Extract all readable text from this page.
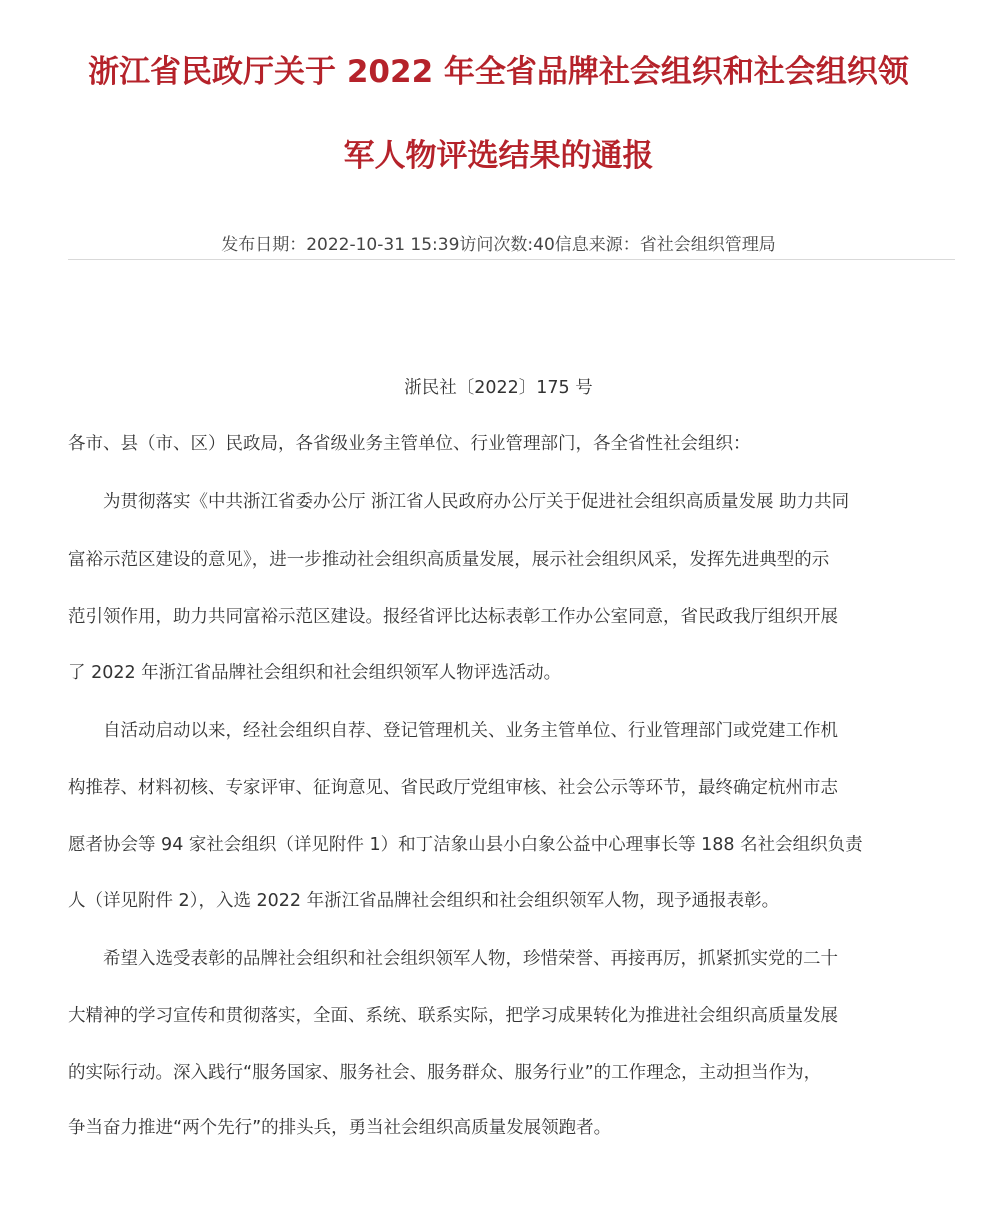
浙江省民政厅关于 2022 年全省品牌社会组织和社会组织领
军人物评选结果的通报
发布日期：2022-10-31 15:39访问次数:40信息来源：省社会组织管理局
浙民社〔2022〕175 号
各市、县（市、区）民政局，各省级业务主管单位、行业管理部门，各全省性社会组织：
为贯彻落实《中共浙江省委办公厅 浙江省人民政府办公厅关于促进社会组织高质量发展 助力共同
富裕示范区建设的意见》，进一步推动社会组织高质量发展，展示社会组织风采，发挥先进典型的示
范引领作用，助力共同富裕示范区建设。报经省评比达标表彰工作办公室同意，省民政我厅组织开展
了 2022 年浙江省品牌社会组织和社会组织领军人物评选活动。
自活动启动以来，经社会组织自荐、登记管理机关、业务主管单位、行业管理部门或党建工作机
构推荐、材料初核、专家评审、征询意见、省民政厅党组审核、社会公示等环节，最终确定杭州市志
愿者协会等 94 家社会组织（详见附件 1）和丁洁象山县小白象公益中心理事长等 188 名社会组织负责
人（详见附件 2），入选 2022 年浙江省品牌社会组织和社会组织领军人物，现予通报表彰。
希望入选受表彰的品牌社会组织和社会组织领军人物，珍惜荣誉、再接再厉，抓紧抓实党的二十
大精神的学习宣传和贯彻落实，全面、系统、联系实际，把学习成果转化为推进社会组织高质量发展
的实际行动。深入践行“服务国家、服务社会、服务群众、服务行业”的工作理念，主动担当作为，
争当奋力推进“两个先行”的排头兵，勇当社会组织高质量发展领跑者。
